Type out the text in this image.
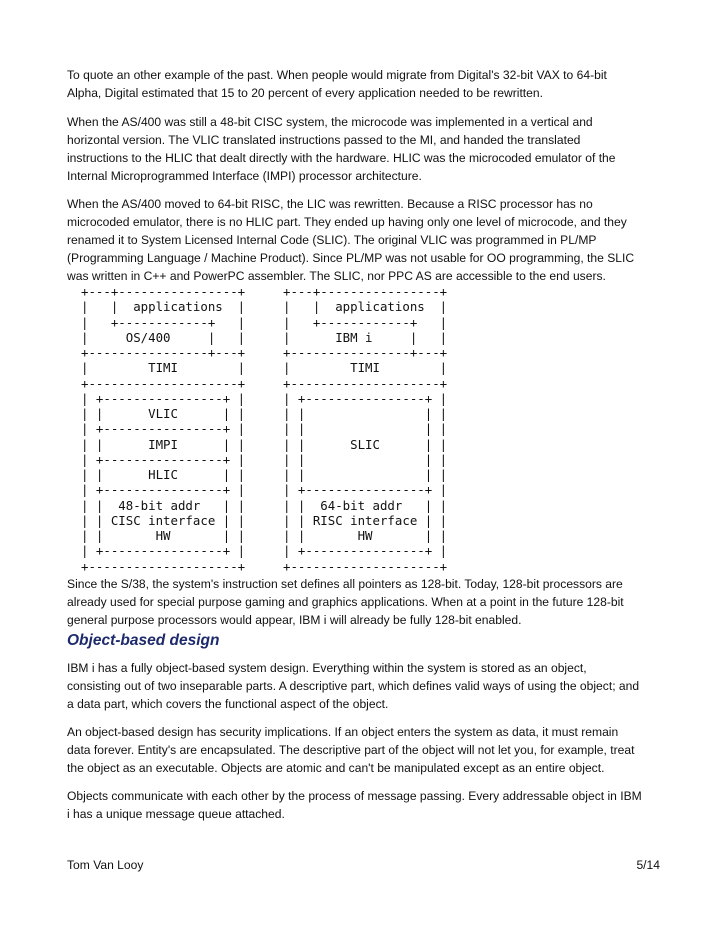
To quote an other example of the past. When people would migrate from Digital's 32-bit VAX to 64-bit
Alpha, Digital estimated that 15 to 20 percent of every application needed to be rewritten.

When the AS/400 was still a 48-bit CISC system, the microcode was implemented in a vertical and
horizontal version. The VLIC translated instructions passed to the MI, and handed the translated
instructions to the HLIC that dealt directly with the hardware. HLIC was the microcoded emulator of the
Internal Microprogrammed Interface (IMPI) processor architecture.

When the AS/400 moved to 64-bit RISC, the LIC was rewritten. Because a RISC processor has no
microcoded emulator, there is no HLIC part. They ended up having only one level of microcode, and they
renamed it to System Licensed Internal Code (SLIC). The original VLIC was programmed in PL/MP
(Programming Language / Machine Product). Since PL/MP was not usable for OO programming, the SLIC
was written in C++ and PowerPC assembler. The SLIC, nor PPC AS are accessible to the end users.

+---+----------------+
|   |  applications  |
|   +------------+   |
|     OS/400     |   |
+----------------+---+
|        TIMI        |
+--------------------+
| +----------------+ |
| |      VLIC      | |
| +----------------+ |
| |      IMPI      | |
| +----------------+ |
| |      HLIC      | |
| +----------------+ |
| |  48-bit addr   | |
| | CISC interface | |
| |       HW       | |
| +----------------+ |
+--------------------+
+---+----------------+
|   |  applications  |
|   +------------+   |
|      IBM i     |   |
+----------------+---+
|        TIMI        |
+--------------------+
| +----------------+ |
| |                | |
| |                | |
| |      SLIC      | |
| |                | |
| |                | |
| +----------------+ |
| |  64-bit addr   | |
| | RISC interface | |
| |       HW       | |
| +----------------+ |
+--------------------+

Since the S/38, the system's instruction set defines all pointers as 128-bit. Today, 128-bit processors are
already used for special purpose gaming and graphics applications. When at a point in the future 128-bit
general purpose processors would appear, IBM i will already be fully 128-bit enabled.

Object-based design

IBM i has a fully object-based system design. Everything within the system is stored as an object,
consisting out of two inseparable parts. A descriptive part, which defines valid ways of using the object; and
a data part, which covers the functional aspect of the object.

An object-based design has security implications. If an object enters the system as data, it must remain
data forever. Entity's are encapsulated. The descriptive part of the object will not let you, for example, treat
the object as an executable. Objects are atomic and can't be manipulated except as an entire object.

Objects communicate with each other by the process of message passing. Every addressable object in IBM
i has a unique message queue attached.

Tom Van Looy	5/14
